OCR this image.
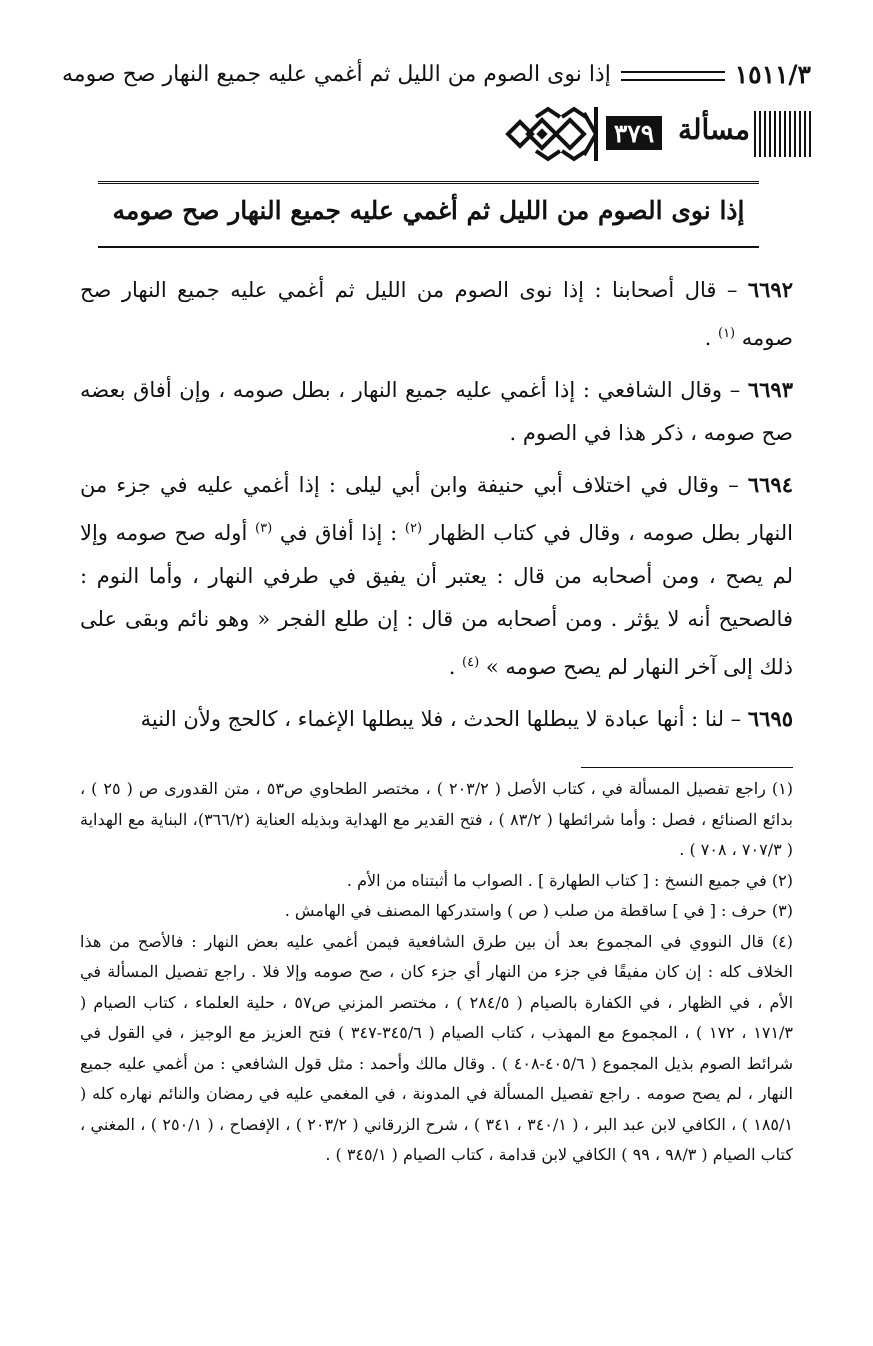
إذا نوى الصوم من الليل ثم أغمي عليه جميع النهار صح صومه	١٥١١/٣
مسألة
٣٧٩
إذا نوى الصوم من الليل ثم أغمي عليه جميع النهار صح صومه

٦٦٩٢ – قال أصحابنا : إذا نوى الصوم من الليل ثم أغمي عليه جميع النهار صح صومه $^{(١)}$ .

٦٦٩٣ – وقال الشافعي : إذا أغمي عليه جميع النهار ، بطل صومه ، وإن أفاق بعضه صح صومه ، ذكر هذا في الصوم .

٦٦٩٤ – وقال في اختلاف أبي حنيفة وابن أبي ليلى : إذا أغمي عليه في جزء من النهار بطل صومه ، وقال في كتاب الظهار $^{(٢)}$ : إذا أفاق في $^{(٣)}$ أوله صح صومه وإلا لم يصح ، ومن أصحابه من قال : يعتبر أن يفيق في طرفي النهار ، وأما النوم : فالصحيح أنه لا يؤثر . ومن أصحابه من قال : إن طلع الفجر « وهو نائم وبقى على ذلك إلى آخر النهار لم يصح صومه » $^{(٤)}$ .

٦٦٩٥ – لنا : أنها عبادة لا يبطلها الحدث ، فلا يبطلها الإغماء ، كالحج ولأن النية

(١) راجع تفصيل المسألة في ، كتاب الأصل ( ٢٠٣/٢ ) ، مختصر الطحاوي ص٥٣ ، متن القدورى ص ( ٢٥ ) ، بدائع الصنائع ، فصل : وأما شرائطها ( ٨٣/٢ ) ، فتح القدير مع الهداية وبذيله العناية (٣٦٦/٢)، البناية مع الهداية ( ٧٠٧/٣ ، ٧٠٨ ) .

(٢) في جميع النسخ : [ كتاب الطهارة ] . الصواب ما أثبتناه من الأم .

(٣) حرف : [ في ] ساقطة من صلب ( ص ) واستدركها المصنف في الهامش .

(٤) قال النووي في المجموع بعد أن بين طرق الشافعية فيمن أغمي عليه بعض النهار : فالأصح من هذا الخلاف كله : إن كان مفيقًا في جزء من النهار أي جزء كان ، صح صومه وإلا فلا . راجع تفصيل المسألة في الأم ، في الظهار ، في الكفارة بالصيام ( ٢٨٤/٥ ) ، مختصر المزني ص٥٧ ، حلية العلماء ، كتاب الصيام ( ١٧١/٣ ، ١٧٢ ) ، المجموع مع المهذب ، كتاب الصيام ( ٣٤٥/٦-٣٤٧ ) فتح العزيز مع الوجيز ، في القول في شرائط الصوم بذيل المجموع ( ٤٠٥/٦-٤٠٨ ) . وقال مالك وأحمد : مثل قول الشافعي : من أغمي عليه جميع النهار ، لم يصح صومه . راجع تفصيل المسألة في المدونة ، في المغمي عليه في رمضان والنائم نهاره كله ( ١٨٥/١ ) ، الكافي لابن عبد البر ، ( ٣٤٠/١ ، ٣٤١ ) ، شرح الزرقاني ( ٢٠٣/٢ ) ، الإفصاح ، ( ٢٥٠/١ ) ، المغني ، كتاب الصيام ( ٩٨/٣ ، ٩٩ ) الكافي لابن قدامة ، كتاب الصيام ( ٣٤٥/١ ) .
